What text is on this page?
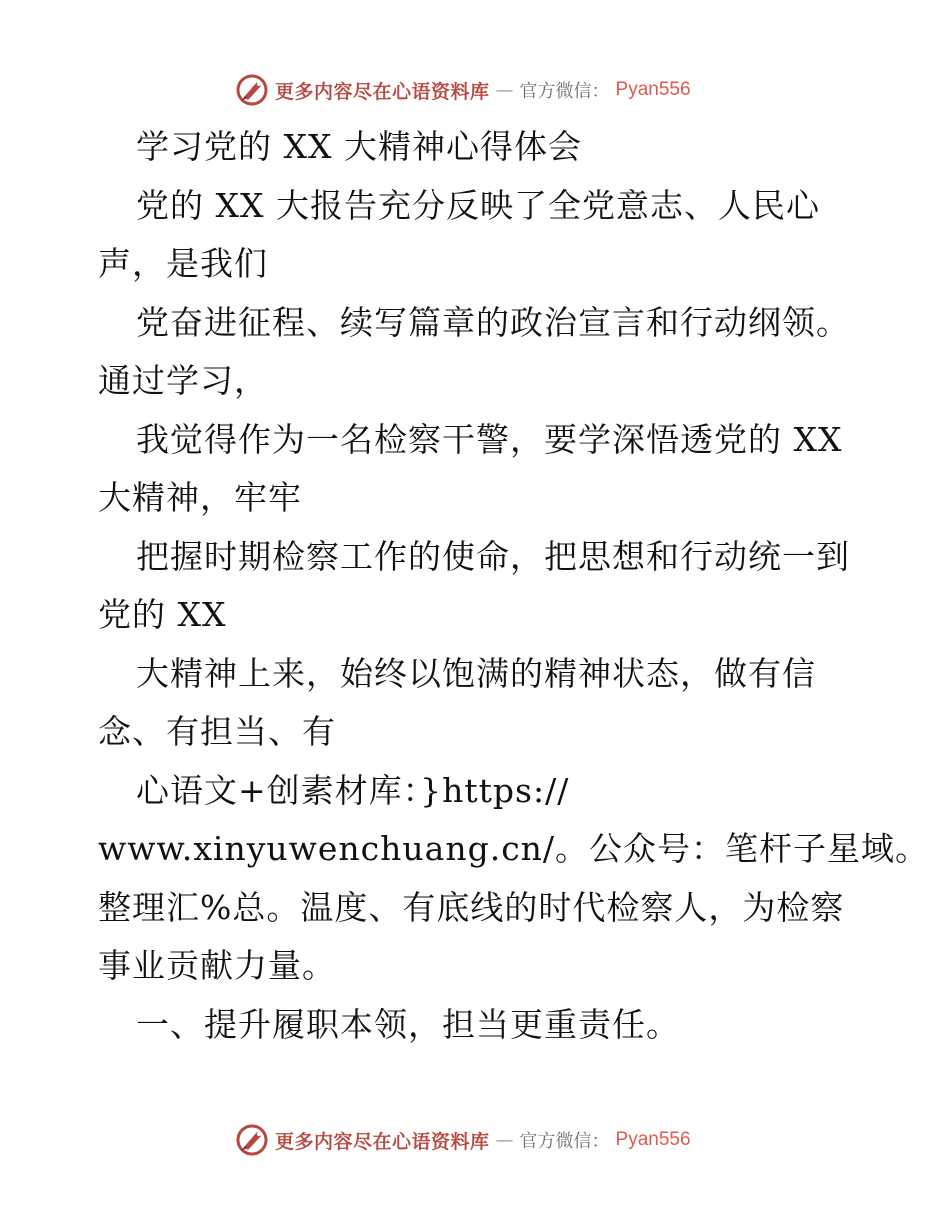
更多内容尽在心语资料库 — 官方微信： Pyan556
学习党的 XX 大精神心得体会
党的 XX 大报告充分反映了全党意志、人民心
声，是我们
党奋进征程、续写篇章的政治宣言和行动纲领。
通过学习，
我觉得作为一名检察干警，要学深悟透党的 XX
大精神，牢牢
把握时期检察工作的使命，把思想和行动统一到
党的 XX
大精神上来，始终以饱满的精神状态，做有信
念、有担当、有
心语文+创素材库：}https://
www.xinyuwenchuang.cn/。公众号：笔杆子星域。
整理汇%总。温度、有底线的时代检察人，为检察
事业贡献力量。
一、提升履职本领，担当更重责任。
更多内容尽在心语资料库 — 官方微信： Pyan556
